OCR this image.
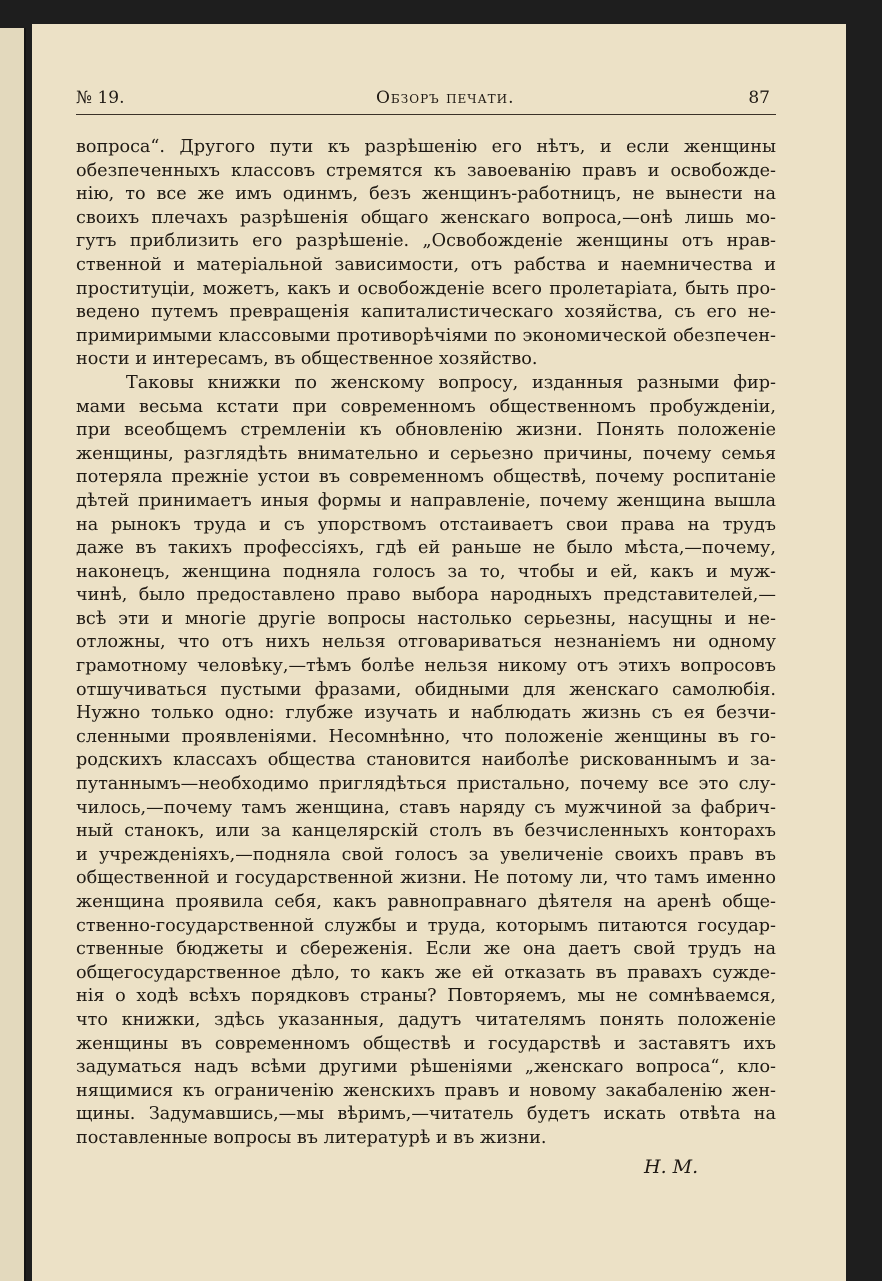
№ 19.	Обзоръ печати.	87
вопроса“. Другого пути къ разрѣшенію его нѣтъ, и если женщины
обезпеченныхъ классовъ стремятся къ завоеванію правъ и освобожде-
нію, то все же имъ одинмъ, безъ женщинъ-работницъ, не вынести на
своихъ плечахъ разрѣшенія общаго женскаго вопроса,—онѣ лишь мо-
гутъ приблизить его разрѣшеніе. „Освобожденіе женщины отъ нрав-
ственной и матеріальной зависимости, отъ рабства и наемничества и
проституціи, можетъ, какъ и освобожденіе всего пролетаріата, быть про-
ведено путемъ превращенія капиталистическаго хозяйства, съ его не-
примиримыми классовыми противорѣчіями по экономической обезпечен-
ности и интересамъ, въ общественное хозяйство.
Таковы книжки по женскому вопросу, изданныя разными фир-
мами весьма кстати при современномъ общественномъ пробужденіи,
при всеобщемъ стремленіи къ обновленію жизни. Понять положеніе
женщины, разглядѣть внимательно и серьезно причины, почему семья
потеряла прежніе устои въ современномъ обществѣ, почему роспитаніе
дѣтей принимаетъ иныя формы и направленіе, почему женщина вышла
на рынокъ труда и съ упорствомъ отстаиваетъ свои права на трудъ
даже въ такихъ профессіяхъ, гдѣ ей раньше не было мѣста,—почему,
наконецъ, женщина подняла голосъ за то, чтобы и ей, какъ и муж-
чинѣ, было предоставлено право выбора народныхъ представителей,—
всѣ эти и многіе другіе вопросы настолько серьезны, насущны и не-
отложны, что отъ нихъ нельзя отговариваться незнаніемъ ни одному
грамотному человѣку,—тѣмъ болѣе нельзя никому отъ этихъ вопросовъ
отшучиваться пустыми фразами, обидными для женскаго самолюбія.
Нужно только одно: глубже изучать и наблюдать жизнь съ ея безчи-
сленными проявленіями. Несомнѣнно, что положеніе женщины въ го-
родскихъ классахъ общества становится наиболѣе рискованнымъ и за-
путаннымъ—необходимо приглядѣться пристально, почему все это слу-
чилось,—почему тамъ женщина, ставъ наряду съ мужчиной за фабрич-
ный станокъ, или за канцелярскій столъ въ безчисленныхъ конторахъ
и учрежденіяхъ,—подняла свой голосъ за увеличеніе своихъ правъ въ
общественной и государственной жизни. Не потому ли, что тамъ именно
женщина проявила себя, какъ равноправнаго дѣятеля на аренѣ обще-
ственно-государственной службы и труда, которымъ питаются государ-
ственные бюджеты и сбереженія. Если же она даетъ свой трудъ на
общегосударственное дѣло, то какъ же ей отказать въ правахъ сужде-
нія о ходѣ всѣхъ порядковъ страны? Повторяемъ, мы не сомнѣваемся,
что книжки, здѣсь указанныя, дадутъ читателямъ понять положеніе
женщины въ современномъ обществѣ и государствѣ и заставятъ ихъ
задуматься надъ всѣми другими рѣшеніями „женскаго вопроса“, кло-
нящимися къ ограниченію женскихъ правъ и новому закабаленію жен-
щины. Задумавшись,—мы вѣримъ,—читатель будетъ искать отвѣта на
поставленные вопросы въ литературѣ и въ жизни.
Н. М.
